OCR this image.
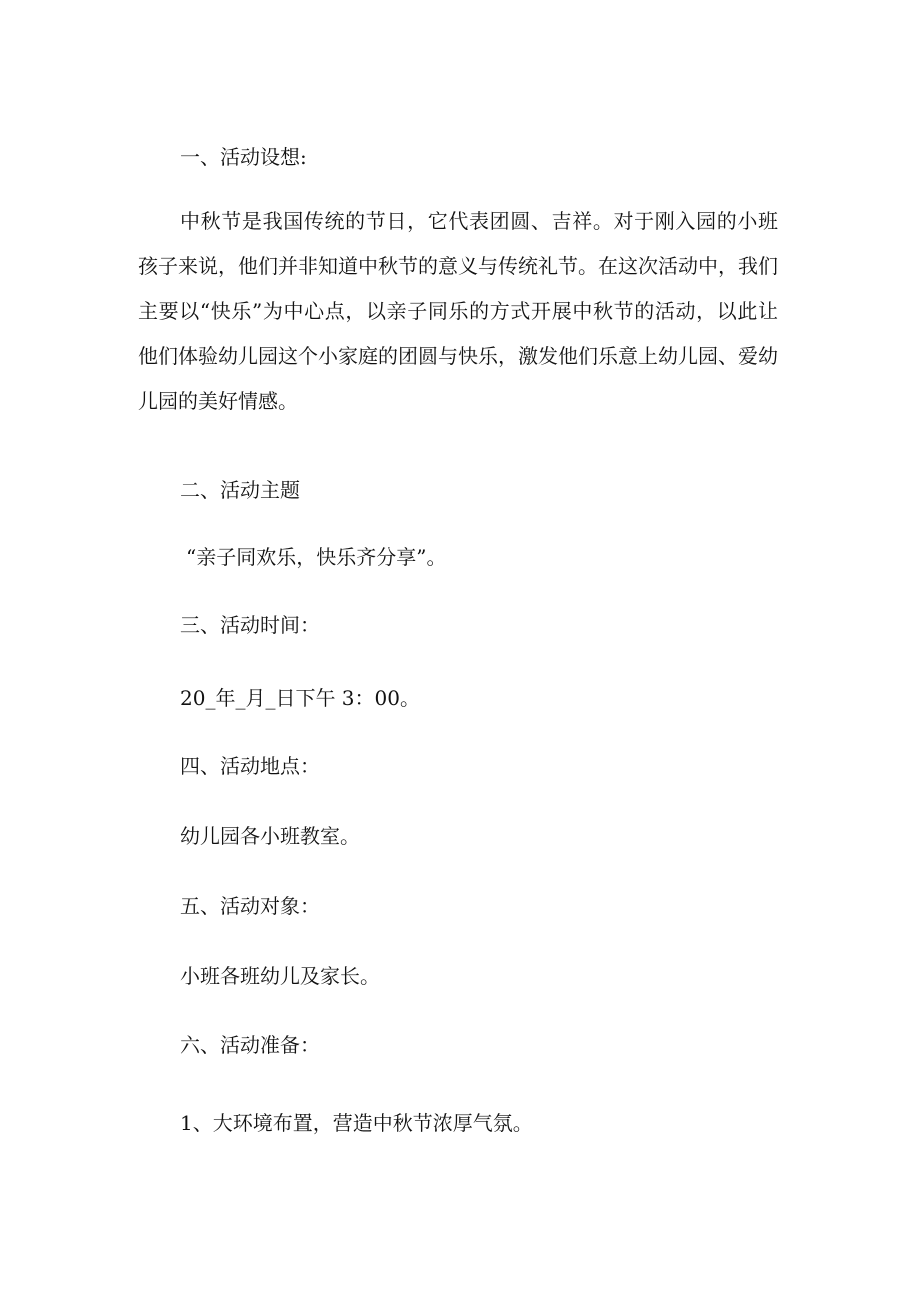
一、活动设想:
中秋节是我国传统的节日，它代表团圆、吉祥。对于刚入园的小班孩子来说，他们并非知道中秋节的意义与传统礼节。在这次活动中，我们主要以“快乐”为中心点，以亲子同乐的方式开展中秋节的活动，以此让他们体验幼儿园这个小家庭的团圆与快乐，激发他们乐意上幼儿园、爱幼儿园的美好情感。
二、活动主题
“亲子同欢乐，快乐齐分享”。
三、活动时间：
20_年_月_日下午 3：00。
四、活动地点：
幼儿园各小班教室。
五、活动对象：
小班各班幼儿及家长。
六、活动准备：
1、大环境布置，营造中秋节浓厚气氛。
